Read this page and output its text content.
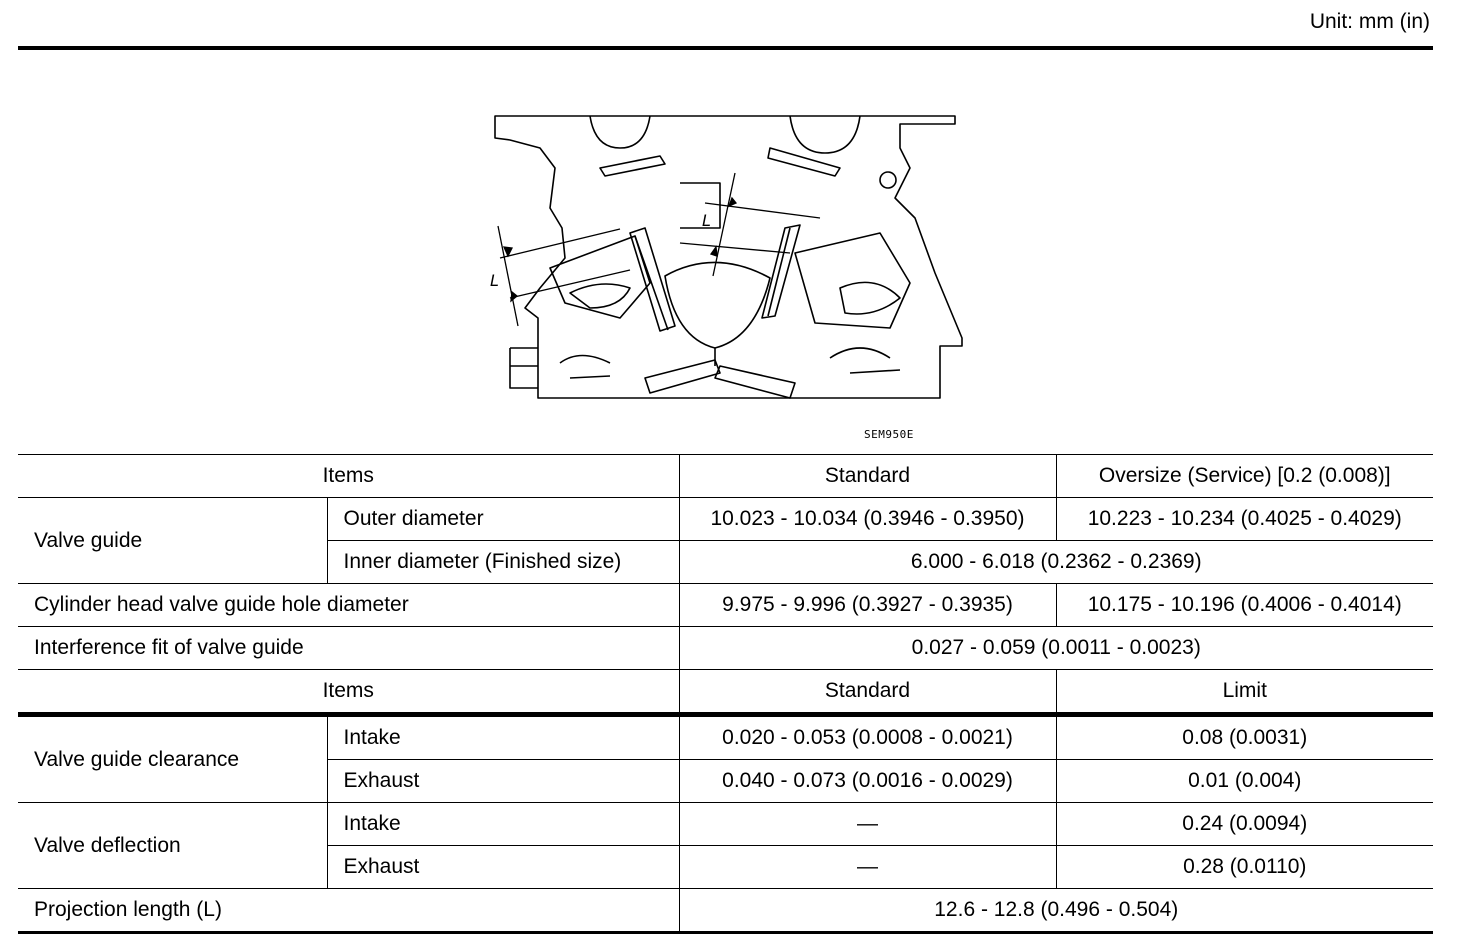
Unit: mm (in)
L
L
SEM950E
Items		Standard	Oversize (Service) [0.2 (0.008)]
Valve guide	Outer diameter	10.023 - 10.034 (0.3946 - 0.3950)	10.223 - 10.234 (0.4025 - 0.4029)
	Inner diameter (Finished size)	6.000 - 6.018 (0.2362 - 0.2369)	
Cylinder head valve guide hole diameter		9.975 - 9.996 (0.3927 - 0.3935)	10.175 - 10.196 (0.4006 - 0.4014)
Interference fit of valve guide		0.027 - 0.059 (0.0011 - 0.0023)	
Items		Standard	Limit
Valve guide clearance	Intake	0.020 - 0.053 (0.0008 - 0.0021)	0.08 (0.0031)
	Exhaust	0.040 - 0.073 (0.0016 - 0.0029)	0.01 (0.004)
Valve deflection	Intake	—	0.24 (0.0094)
	Exhaust	—	0.28 (0.0110)
Projection length (L)		12.6 - 12.8 (0.496 - 0.504)	
